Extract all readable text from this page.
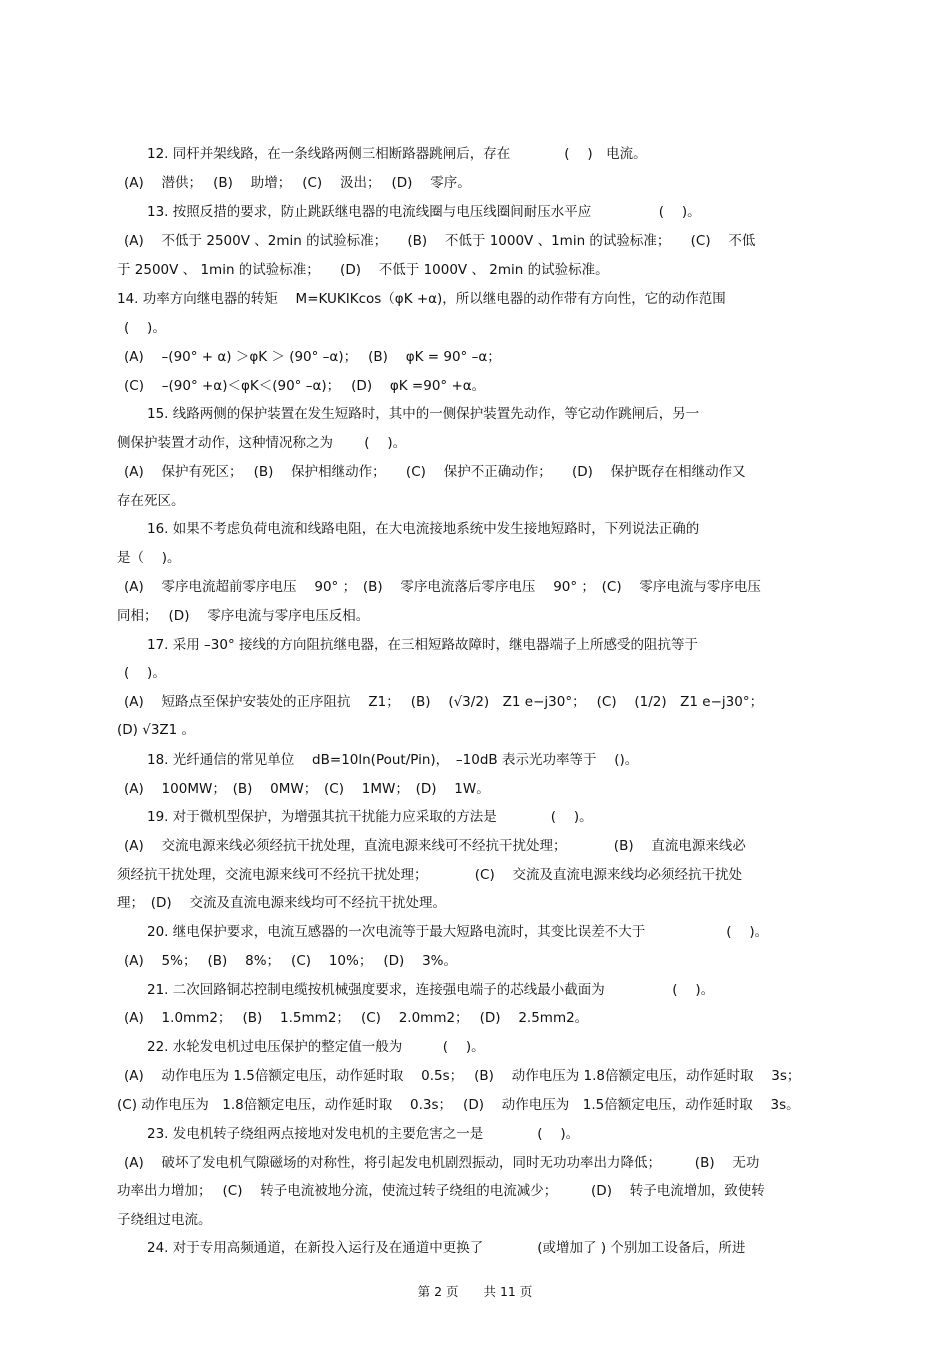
12. 同杆并架线路，在一条线路两侧三相断路器跳闸后，存在　　　　(　 )　电流。
(A)　 潜供；　 (B)　 助增；　 (C)　 汲出；　 (D)　 零序。
13. 按照反措的要求，防止跳跃继电器的电流线圈与电压线圈间耐压水平应　　　　　(　 )。
(A)　 不低于 2500V 、2min 的试验标准；　　(B)　 不低于 1000V 、1min 的试验标准；　　(C)　 不低
于 2500V 、 1min 的试验标准；　　(D)　 不低于 1000V 、 2min 的试验标准。
14. 功率方向继电器的转矩　 M=KUKIKcos（φK +α)，所以继电器的动作带有方向性，它的动作范围
(　 )。
(A)　 –(90° + α) ＞φK ＞ (90° –α)；　 (B)　 φK = 90° –α；
(C)　 –(90° +α)＜φK＜(90° –α)；　 (D)　 φK =90° +α。
15. 线路两侧的保护装置在发生短路时，其中的一侧保护装置先动作，等它动作跳闸后，另一
侧保护装置才动作，这种情况称之为　　 (　 )。
(A)　 保护有死区；　 (B)　 保护相继动作；　　(C)　 保护不正确动作；　　(D)　 保护既存在相继动作又
存在死区。
16. 如果不考虑负荷电流和线路电阻，在大电流接地系统中发生接地短路时，下列说法正确的
是（　 )。
(A)　 零序电流超前零序电压　 90° ；　(B)　 零序电流落后零序电压　 90° ；　(C)　 零序电流与零序电压
同相；　 (D)　 零序电流与零序电压反相。
17. 采用 –30° 接线的方向阻抗继电器，在三相短路故障时，继电器端子上所感受的阻抗等于
(　 )。
(A)　 短路点至保护安装处的正序阻抗　 Z1；　 (B)　 (√3/2)　Z1 e−j30°；　 (C)　 (1/2)　Z1 e−j30°；
(D) √3Z1 。
18. 光纤通信的常见单位　 dB=10ln(Pout/Pin)，　–10dB 表示光功率等于　 ()。
(A)　 100MW；　(B)　 0MW；　(C)　 1MW；　(D)　 1W。
19. 对于微机型保护，为增强其抗干扰能力应采取的方法是　　　　(　 )。
(A)　 交流电源来线必须经抗干扰处理，直流电源来线可不经抗干扰处理；　　　　(B)　 直流电源来线必
须经抗干扰处理，交流电源来线可不经抗干扰处理；　　　　(C)　 交流及直流电源来线均必须经抗干扰处
理；　(D)　 交流及直流电源来线均可不经抗干扰处理。
20. 继电保护要求，电流互感器的一次电流等于最大短路电流时，其变比误差不大于　　　　　　(　 )。
(A)　 5%；　 (B)　 8%；　 (C)　 10%；　 (D)　 3%。
21. 二次回路铜芯控制电缆按机械强度要求，连接强电端子的芯线最小截面为　　　　　(　 )。
(A)　 1.0mm2；　 (B)　 1.5mm2；　 (C)　 2.0mm2；　 (D)　 2.5mm2。
22. 水轮发电机过电压保护的整定值一般为　　　(　 )。
(A)　 动作电压为 1.5倍额定电压，动作延时取　 0.5s；　 (B)　 动作电压为 1.8倍额定电压，动作延时取　 3s；
(C) 动作电压为　1.8倍额定电压，动作延时取　 0.3s；　 (D)　 动作电压为　1.5倍额定电压，动作延时取　 3s。
23. 发电机转子绕组两点接地对发电机的主要危害之一是　　　　(　 )。
(A)　 破坏了发电机气隙磁场的对称性，将引起发电机剧烈振动，同时无功功率出力降低；　　　(B)　 无功
功率出力增加；　 (C)　 转子电流被地分流，使流过转子绕组的电流减少；　　　(D)　 转子电流增加，致使转
子绕组过电流。
24. 对于专用高频通道，在新投入运行及在通道中更换了　　　　(或增加了 ) 个别加工设备后，所进
第 2 页　　共 11 页
